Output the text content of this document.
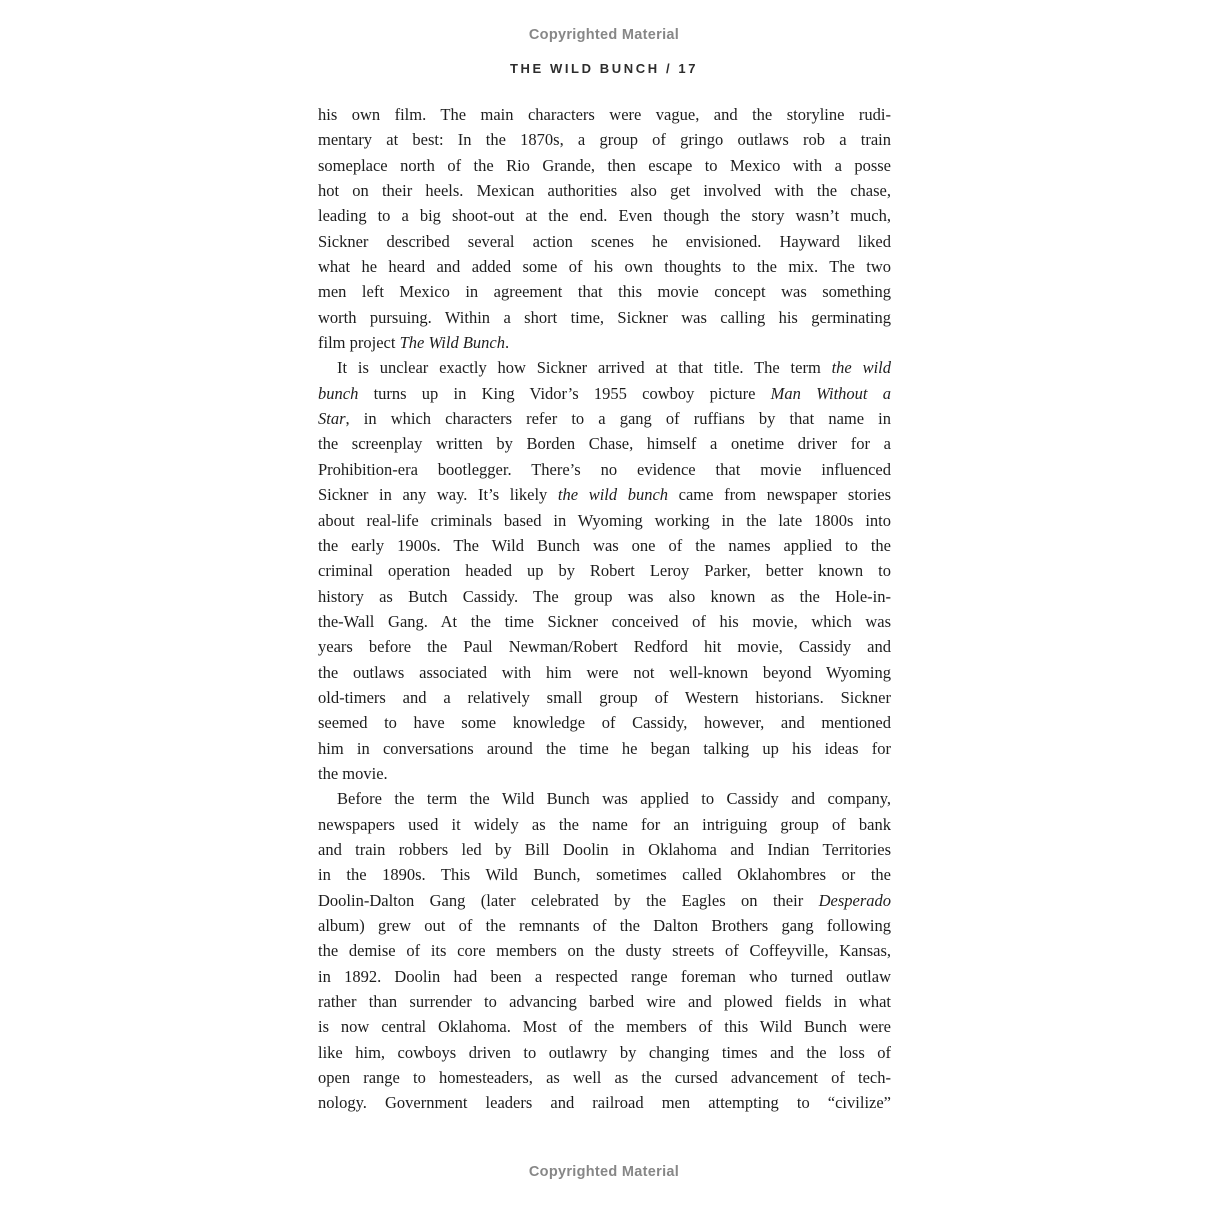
Copyrighted Material
THE WILD BUNCH / 17
his own film. The main characters were vague, and the storyline rudi-
mentary at best: In the 1870s, a group of gringo outlaws rob a train
someplace north of the Rio Grande, then escape to Mexico with a posse
hot on their heels. Mexican authorities also get involved with the chase,
leading to a big shoot-out at the end. Even though the story wasn’t much,
Sickner described several action scenes he envisioned. Hayward liked
what he heard and added some of his own thoughts to the mix. The two
men left Mexico in agreement that this movie concept was something
worth pursuing. Within a short time, Sickner was calling his germinating
film project The Wild Bunch.
It is unclear exactly how Sickner arrived at that title. The term the wild
bunch turns up in King Vidor’s 1955 cowboy picture Man Without a
Star, in which characters refer to a gang of ruffians by that name in
the screenplay written by Borden Chase, himself a onetime driver for a
Prohibition-era bootlegger. There’s no evidence that movie influenced
Sickner in any way. It’s likely the wild bunch came from newspaper stories
about real-life criminals based in Wyoming working in the late 1800s into
the early 1900s. The Wild Bunch was one of the names applied to the
criminal operation headed up by Robert Leroy Parker, better known to
history as Butch Cassidy. The group was also known as the Hole-in-
the-Wall Gang. At the time Sickner conceived of his movie, which was
years before the Paul Newman/Robert Redford hit movie, Cassidy and
the outlaws associated with him were not well-known beyond Wyoming
old-timers and a relatively small group of Western historians. Sickner
seemed to have some knowledge of Cassidy, however, and mentioned
him in conversations around the time he began talking up his ideas for
the movie.
Before the term the Wild Bunch was applied to Cassidy and company,
newspapers used it widely as the name for an intriguing group of bank
and train robbers led by Bill Doolin in Oklahoma and Indian Territories
in the 1890s. This Wild Bunch, sometimes called Oklahombres or the
Doolin-Dalton Gang (later celebrated by the Eagles on their Desperado
album) grew out of the remnants of the Dalton Brothers gang following
the demise of its core members on the dusty streets of Coffeyville, Kansas,
in 1892. Doolin had been a respected range foreman who turned outlaw
rather than surrender to advancing barbed wire and plowed fields in what
is now central Oklahoma. Most of the members of this Wild Bunch were
like him, cowboys driven to outlawry by changing times and the loss of
open range to homesteaders, as well as the cursed advancement of tech-
nology. Government leaders and railroad men attempting to “civilize”
Copyrighted Material
